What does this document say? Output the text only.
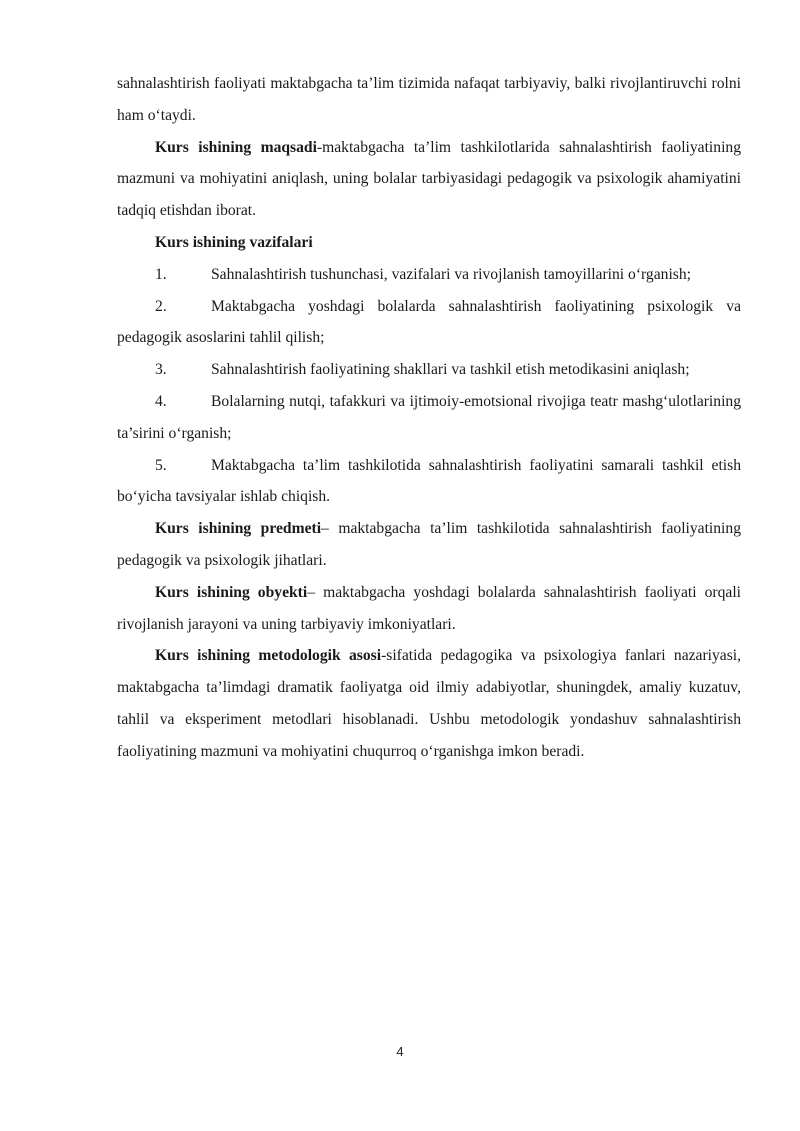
sahnalashtirish faoliyati maktabgacha ta’lim tizimida nafaqat tarbiyaviy, balki rivojlantiruvchi rolni ham o‘taydi.

Kurs ishining maqsadi-maktabgacha ta’lim tashkilotlarida sahnalashtirish faoliyatining mazmuni va mohiyatini aniqlash, uning bolalar tarbiyasidagi pedagogik va psixologik ahamiyatini tadqiq etishdan iborat.

Kurs ishining vazifalari

1.	Sahnalashtirish tushunchasi, vazifalari va rivojlanish tamoyillarini o‘rganish;

2.	Maktabgacha yoshdagi bolalarda sahnalashtirish faoliyatining psixologik va pedagogik asoslarini tahlil qilish;

3.	Sahnalashtirish faoliyatining shakllari va tashkil etish metodikasini aniqlash;

4.	Bolalarning nutqi, tafakkuri va ijtimoiy-emotsional rivojiga teatr mashg‘ulotlarining ta’sirini o‘rganish;

5.	Maktabgacha ta’lim tashkilotida sahnalashtirish faoliyatini samarali tashkil etish bo‘yicha tavsiyalar ishlab chiqish.

Kurs ishining predmeti– maktabgacha ta’lim tashkilotida sahnalashtirish faoliyatining pedagogik va psixologik jihatlari.

Kurs ishining obyekti– maktabgacha yoshdagi bolalarda sahnalashtirish faoliyati orqali rivojlanish jarayoni va uning tarbiyaviy imkoniyatlari.

Kurs ishining metodologik asosi-sifatida pedagogika va psixologiya fanlari nazariyasi, maktabgacha ta’limdagi dramatik faoliyatga oid ilmiy adabiyotlar, shuningdek, amaliy kuzatuv, tahlil va eksperiment metodlari hisoblanadi. Ushbu metodologik yondashuv sahnalashtirish faoliyatining mazmuni va mohiyatini chuqurroq o‘rganishga imkon beradi.

4
